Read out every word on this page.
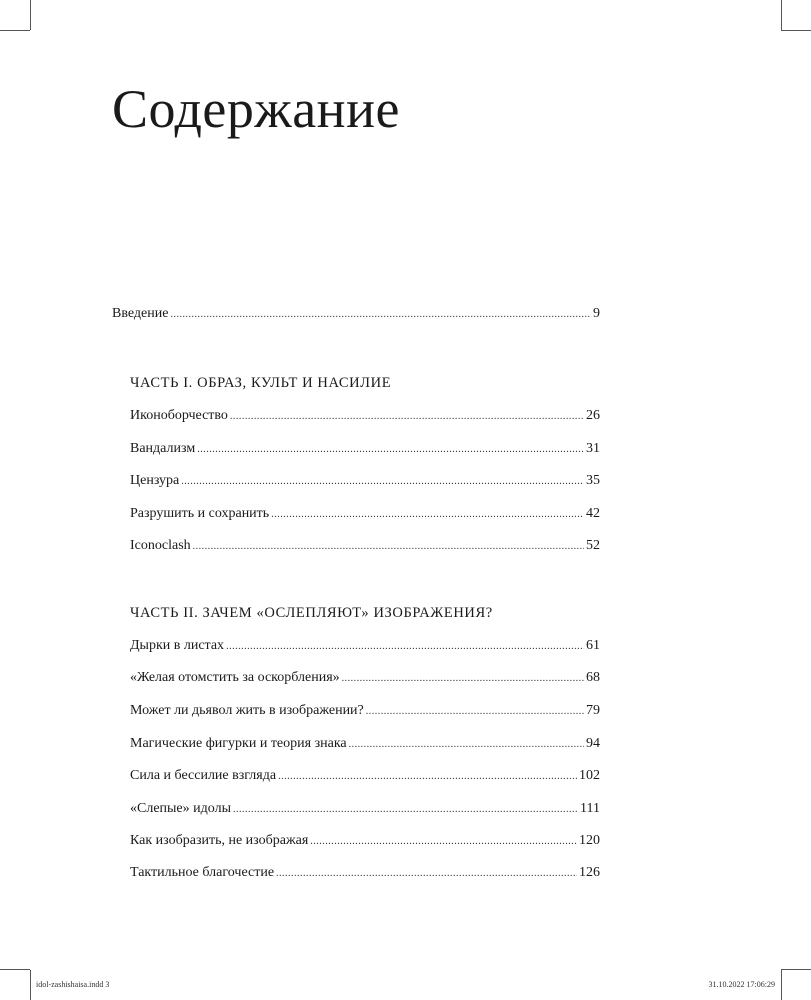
Содержание
Введение .....	9
ЧАСТЬ I. ОБРАЗ, КУЛЬТ И НАСИЛИЕ
Иконоборчество .....	26
Вандализм .....	31
Цензура .....	35
Разрушить и сохранить .....	42
Iconoclash .....	52
ЧАСТЬ II. ЗАЧЕМ «ОСЛЕПЛЯЮТ» ИЗОБРАЖЕНИЯ?
Дырки в листах .....	61
«Желая отомстить за оскорбления» .....	68
Может ли дьявол жить в изображении? .....	79
Магические фигурки и теория знака .....	94
Сила и бессилие взгляда .....	102
«Слепые» идолы .....	111
Как изобразить, не изображая .....	120
Тактильное благочестие .....	126
idol-zashishaisa.indd 3	31.10.2022 17:06:29
